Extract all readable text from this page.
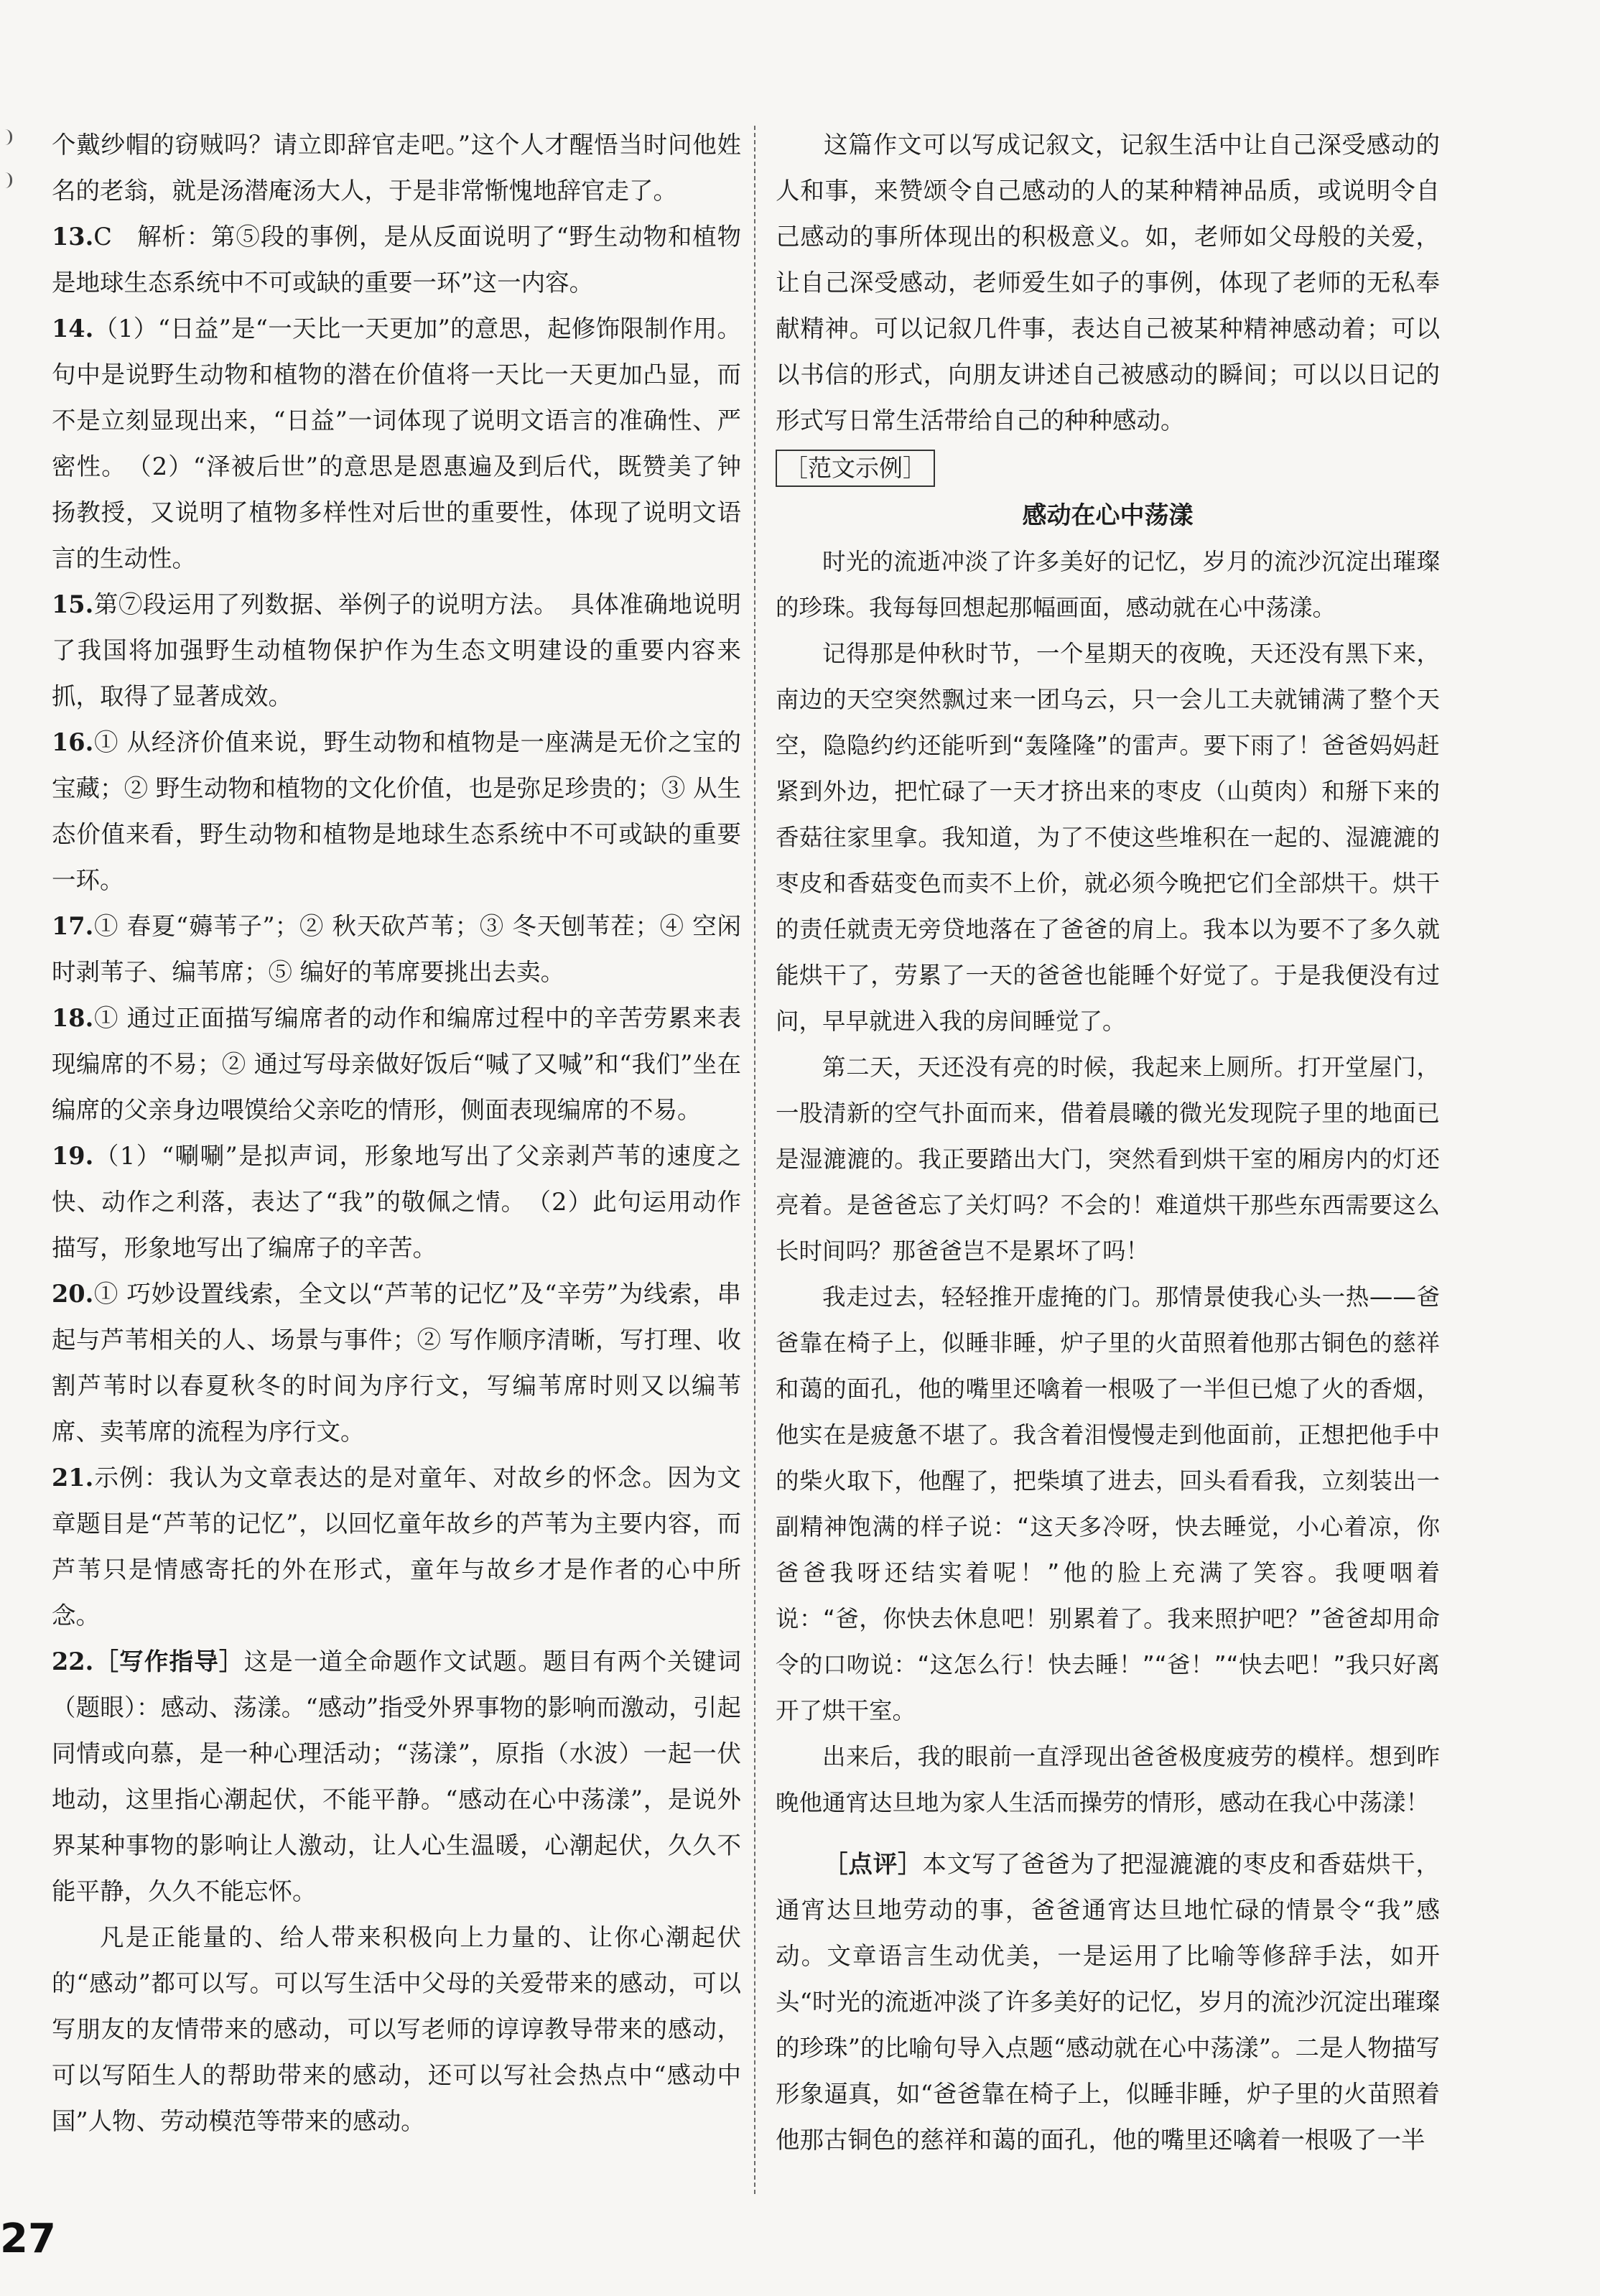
个戴纱帽的窃贼吗？请立即辞官走吧。”这个人才醒悟当时问他姓名的老翁，就是汤潜庵汤大人，于是非常惭愧地辞官走了。

13.C　解析：第⑤段的事例，是从反面说明了“野生动物和植物是地球生态系统中不可或缺的重要一环”这一内容。

14.（1）“日益”是“一天比一天更加”的意思，起修饰限制作用。句中是说野生动物和植物的潜在价值将一天比一天更加凸显，而不是立刻显现出来，“日益”一词体现了说明文语言的准确性、严密性。　（2）“泽被后世”的意思是恩惠遍及到后代，既赞美了钟扬教授，又说明了植物多样性对后世的重要性，体现了说明文语言的生动性。

15.第⑦段运用了列数据、举例子的说明方法。　具体准确地说明了我国将加强野生动植物保护作为生态文明建设的重要内容来抓，取得了显著成效。

16.① 从经济价值来说，野生动物和植物是一座满是无价之宝的宝藏；② 野生动物和植物的文化价值，也是弥足珍贵的；③ 从生态价值来看，野生动物和植物是地球生态系统中不可或缺的重要一环。

17.① 春夏“薅苇子”；② 秋天砍芦苇；③ 冬天刨苇茬；④ 空闲时剥苇子、编苇席；⑤ 编好的苇席要挑出去卖。

18.① 通过正面描写编席者的动作和编席过程中的辛苦劳累来表现编席的不易；② 通过写母亲做好饭后“喊了又喊”和“我们”坐在编席的父亲身边喂馍给父亲吃的情形，侧面表现编席的不易。

19.（1）“唰唰”是拟声词，形象地写出了父亲剥芦苇的速度之快、动作之利落，表达了“我”的敬佩之情。　（2）此句运用动作描写，形象地写出了编席子的辛苦。

20.① 巧妙设置线索，全文以“芦苇的记忆”及“辛劳”为线索，串起与芦苇相关的人、场景与事件；② 写作顺序清晰，写打理、收割芦苇时以春夏秋冬的时间为序行文，写编苇席时则又以编苇席、卖苇席的流程为序行文。

21.示例：我认为文章表达的是对童年、对故乡的怀念。因为文章题目是“芦苇的记忆”，以回忆童年故乡的芦苇为主要内容，而芦苇只是情感寄托的外在形式，童年与故乡才是作者的心中所念。

22.［写作指导］这是一道全命题作文试题。题目有两个关键词（题眼）：感动、荡漾。“感动”指受外界事物的影响而激动，引起同情或向慕，是一种心理活动；“荡漾”，原指（水波）一起一伏地动，这里指心潮起伏，不能平静。“感动在心中荡漾”，是说外界某种事物的影响让人激动，让人心生温暖，心潮起伏，久久不能平静，久久不能忘怀。

凡是正能量的、给人带来积极向上力量的、让你心潮起伏的“感动”都可以写。可以写生活中父母的关爱带来的感动，可以写朋友的友情带来的感动，可以写老师的谆谆教导带来的感动，可以写陌生人的帮助带来的感动，还可以写社会热点中“感动中国”人物、劳动模范等带来的感动。

这篇作文可以写成记叙文，记叙生活中让自己深受感动的人和事，来赞颂令自己感动的人的某种精神品质，或说明令自己感动的事所体现出的积极意义。如，老师如父母般的关爱，让自己深受感动，老师爱生如子的事例，体现了老师的无私奉献精神。可以记叙几件事，表达自己被某种精神感动着；可以以书信的形式，向朋友讲述自己被感动的瞬间；可以以日记的形式写日常生活带给自己的种种感动。

［范文示例］

感动在心中荡漾

时光的流逝冲淡了许多美好的记忆，岁月的流沙沉淀出璀璨的珍珠。我每每回想起那幅画面，感动就在心中荡漾。

记得那是仲秋时节，一个星期天的夜晚，天还没有黑下来，南边的天空突然飘过来一团乌云，只一会儿工夫就铺满了整个天空，隐隐约约还能听到“轰隆隆”的雷声。要下雨了！爸爸妈妈赶紧到外边，把忙碌了一天才挤出来的枣皮（山萸肉）和掰下来的香菇往家里拿。我知道，为了不使这些堆积在一起的、湿漉漉的枣皮和香菇变色而卖不上价，就必须今晚把它们全部烘干。烘干的责任就责无旁贷地落在了爸爸的肩上。我本以为要不了多久就能烘干了，劳累了一天的爸爸也能睡个好觉了。于是我便没有过问，早早就进入我的房间睡觉了。

第二天，天还没有亮的时候，我起来上厕所。打开堂屋门，一股清新的空气扑面而来，借着晨曦的微光发现院子里的地面已是湿漉漉的。我正要踏出大门，突然看到烘干室的厢房内的灯还亮着。是爸爸忘了关灯吗？不会的！难道烘干那些东西需要这么长时间吗？那爸爸岂不是累坏了吗！

我走过去，轻轻推开虚掩的门。那情景使我心头一热——爸爸靠在椅子上，似睡非睡，炉子里的火苗照着他那古铜色的慈祥和蔼的面孔，他的嘴里还噙着一根吸了一半但已熄了火的香烟，他实在是疲惫不堪了。我含着泪慢慢走到他面前，正想把他手中的柴火取下，他醒了，把柴填了进去，回头看看我，立刻装出一副精神饱满的样子说：“这天多冷呀，快去睡觉，小心着凉，你爸爸我呀还结实着呢！”他的脸上充满了笑容。我哽咽着说：“爸，你快去休息吧！别累着了。我来照护吧？”爸爸却用命令的口吻说：“这怎么行！快去睡！”“爸！”“快去吧！”我只好离开了烘干室。

出来后，我的眼前一直浮现出爸爸极度疲劳的模样。想到昨晚他通宵达旦地为家人生活而操劳的情形，感动在我心中荡漾！

［点评］本文写了爸爸为了把湿漉漉的枣皮和香菇烘干，通宵达旦地劳动的事，爸爸通宵达旦地忙碌的情景令“我”感动。文章语言生动优美，一是运用了比喻等修辞手法，如开头“时光的流逝冲淡了许多美好的记忆，岁月的流沙沉淀出璀璨的珍珠”的比喻句导入点题“感动就在心中荡漾”。二是人物描写形象逼真，如“爸爸靠在椅子上，似睡非睡，炉子里的火苗照着他那古铜色的慈祥和蔼的面孔，他的嘴里还噙着一根吸了一半

27
